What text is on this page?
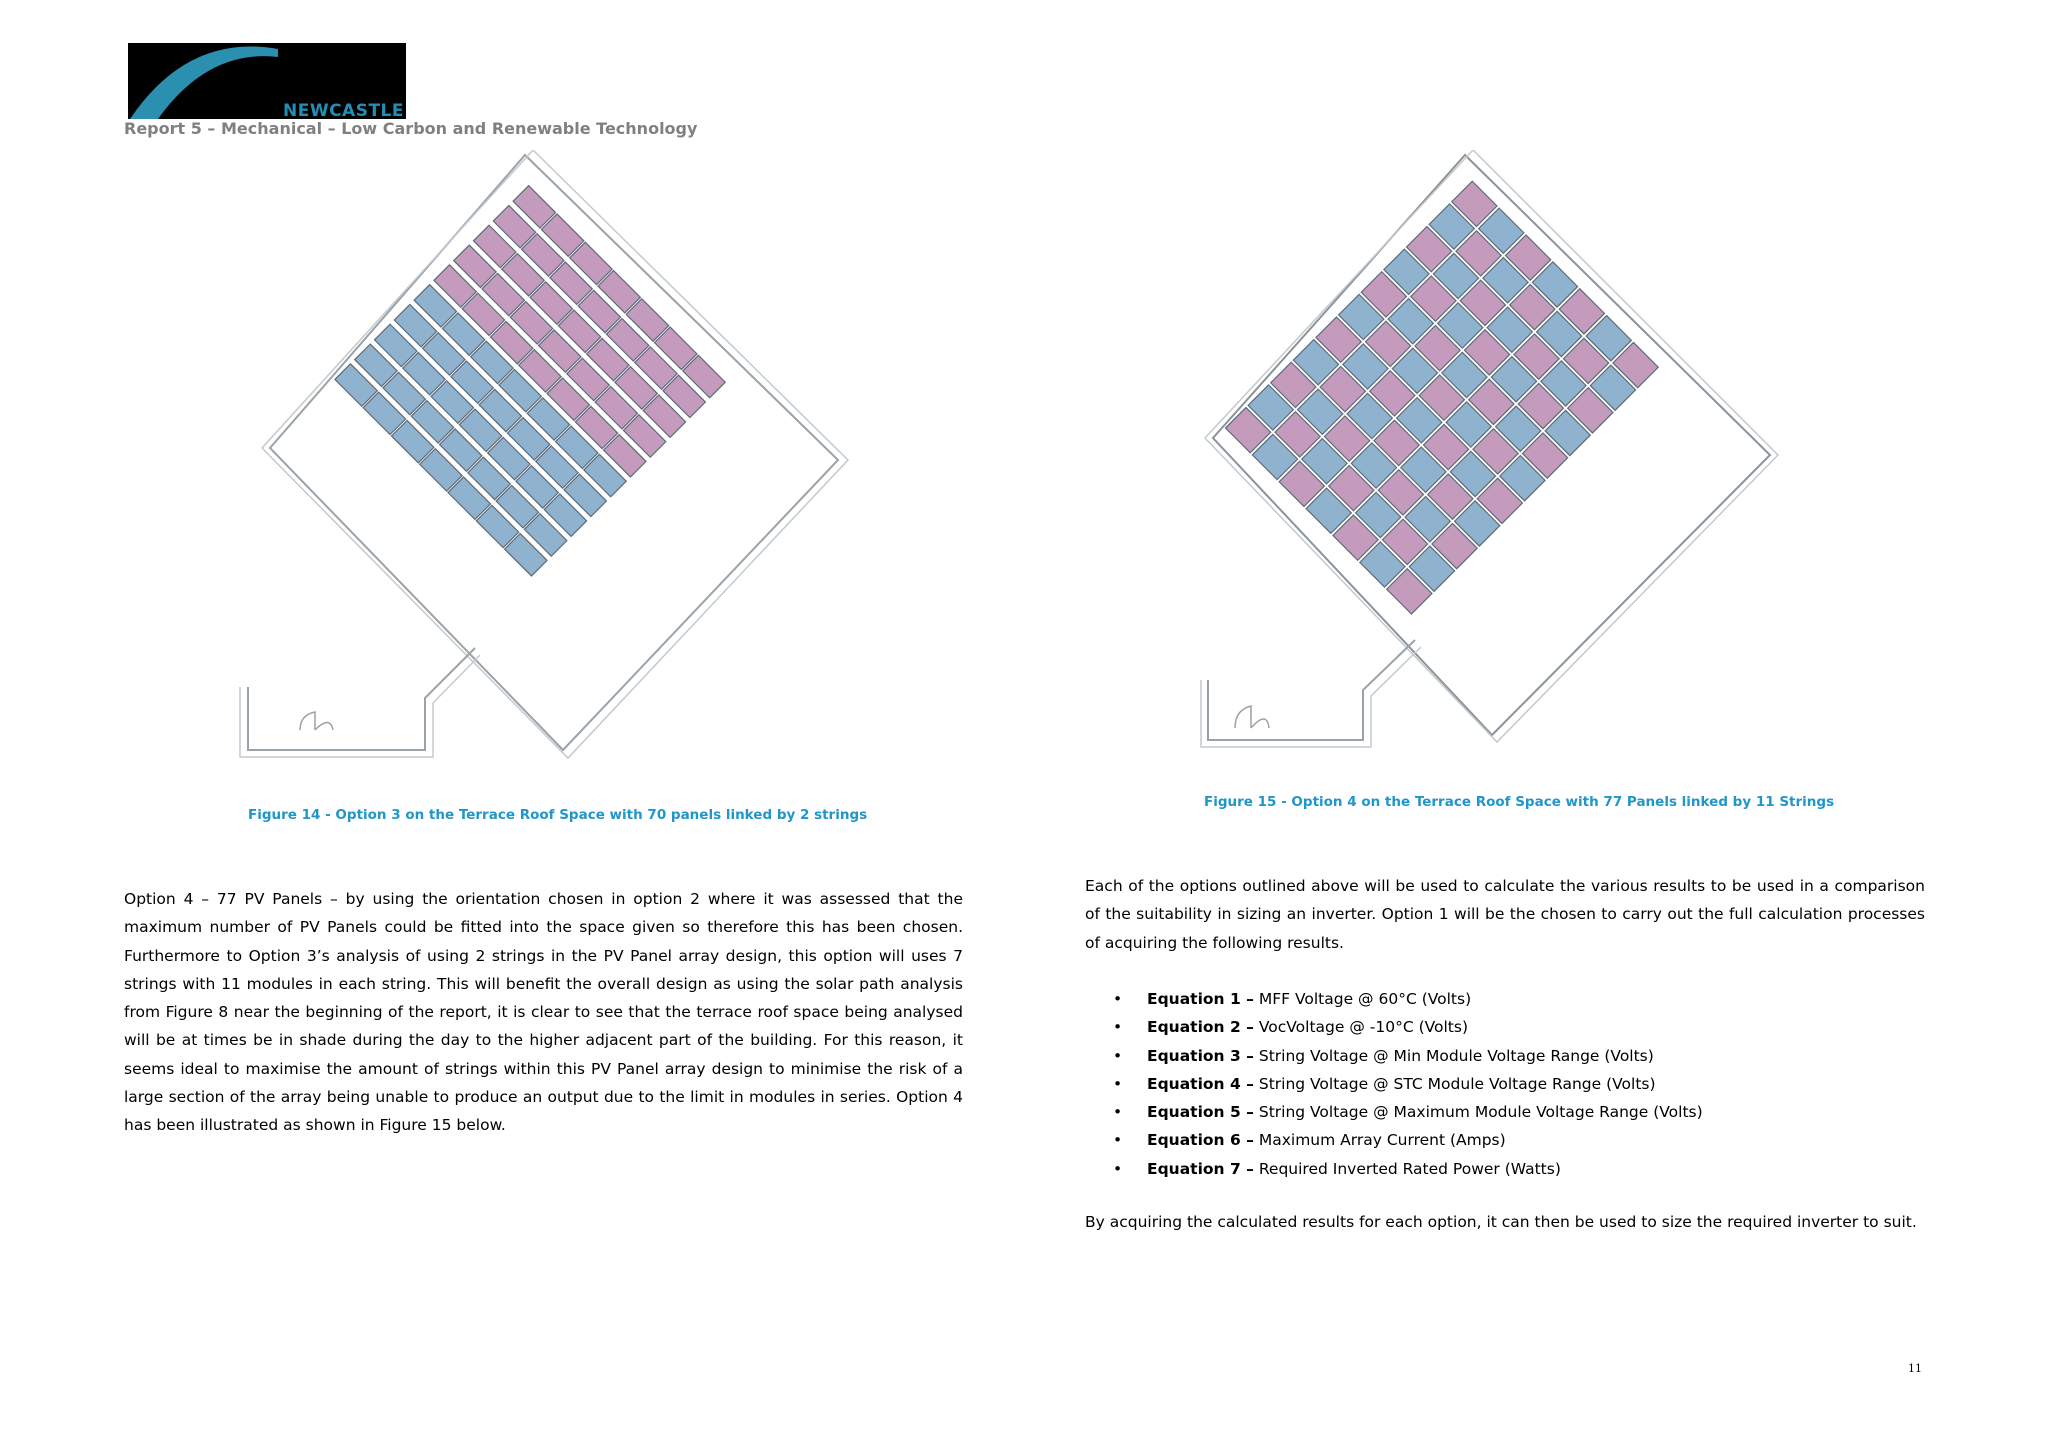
NEWCASTLE
Report 5 – Mechanical – Low Carbon and Renewable Technology
Figure 14 - Option 3 on the Terrace Roof Space with 70 panels linked by 2 strings
Figure 15 - Option 4 on the Terrace Roof Space with 77 Panels linked by 11 Strings

Option 4 – 77 PV Panels – by using the orientation chosen in option 2 where it was assessed that the maximum number of PV Panels could be fitted into the space given so therefore this has been chosen. Furthermore to Option 3’s analysis of using 2 strings in the PV Panel array design, this option will uses 7 strings with 11 modules in each string. This will benefit the overall design as using the solar path analysis from Figure 8 near the beginning of the report, it is clear to see that the terrace roof space being analysed will be at times be in shade during the day to the higher adjacent part of the building. For this reason, it seems ideal to maximise the amount of strings within this PV Panel array design to minimise the risk of a large section of the array being unable to produce an output due to the limit in modules in series. Option 4 has been illustrated as shown in Figure 15 below.

Each of the options outlined above will be used to calculate the various results to be used in a comparison of the suitability in sizing an inverter. Option 1 will be the chosen to carry out the full calculation processes of acquiring the following results.

• Equation 1 – MFF Voltage @ 60°C (Volts)
• Equation 2 – VocVoltage @ -10°C (Volts)
• Equation 3 – String Voltage @ Min Module Voltage Range (Volts)
• Equation 4 – String Voltage @ STC Module Voltage Range (Volts)
• Equation 5 – String Voltage @ Maximum Module Voltage Range (Volts)
• Equation 6 – Maximum Array Current (Amps)
• Equation 7 – Required Inverted Rated Power (Watts)
By acquiring the calculated results for each option, it can then be used to size the required inverter to suit.
11
